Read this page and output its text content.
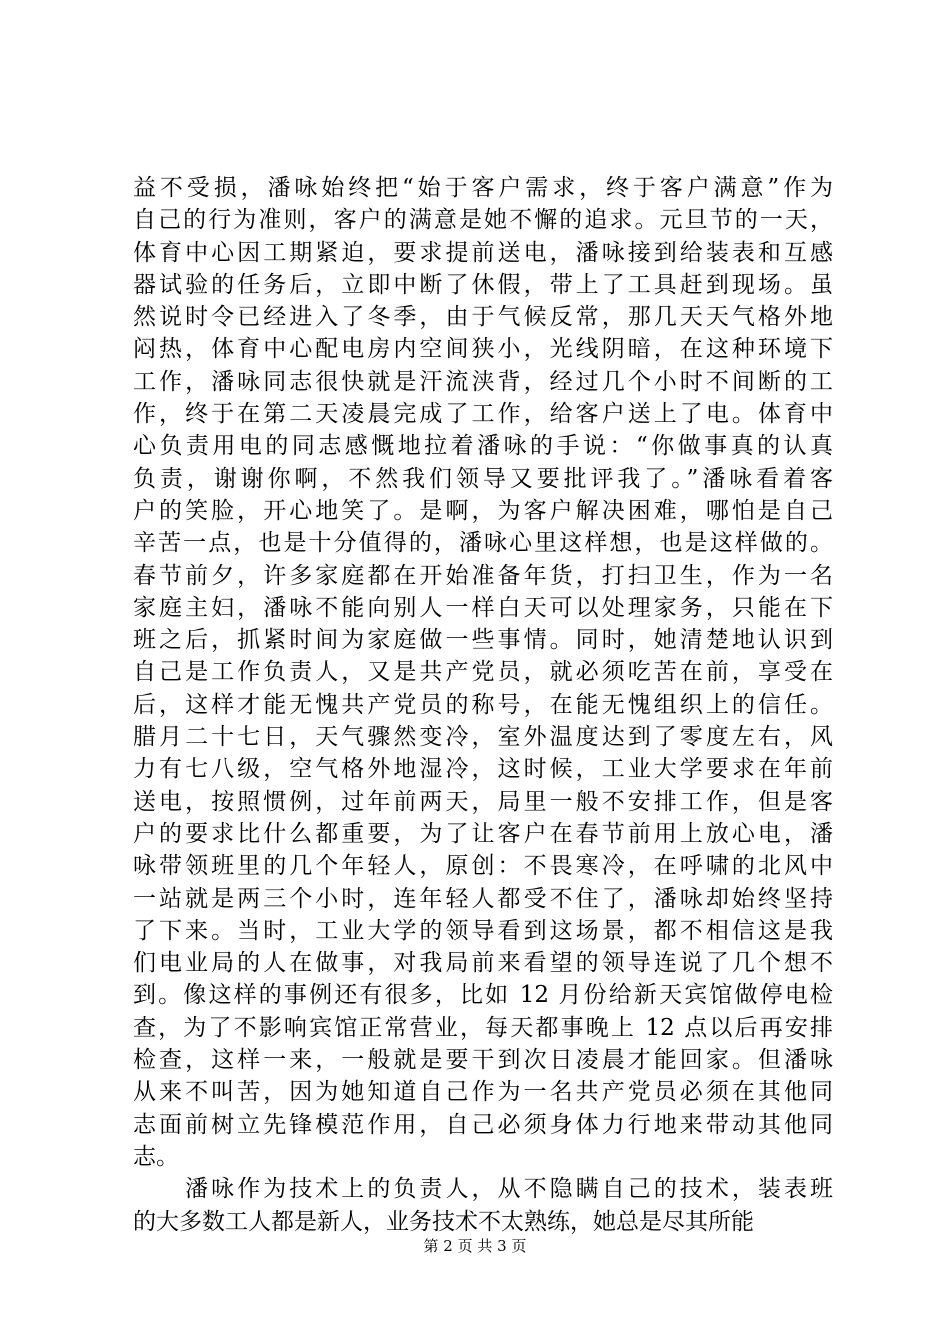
益不受损，潘咏始终把“始于客户需求，终于客户满意”作为
自己的行为准则，客户的满意是她不懈的追求。元旦节的一天，
体育中心因工期紧迫，要求提前送电，潘咏接到给装表和互感
器试验的任务后，立即中断了休假，带上了工具赶到现场。虽
然说时令已经进入了冬季，由于气候反常，那几天天气格外地
闷热，体育中心配电房内空间狭小，光线阴暗，在这种环境下
工作，潘咏同志很快就是汗流浃背，经过几个小时不间断的工
作，终于在第二天凌晨完成了工作，给客户送上了电。体育中
心负责用电的同志感慨地拉着潘咏的手说：“你做事真的认真
负责，谢谢你啊，不然我们领导又要批评我了。”潘咏看着客
户的笑脸，开心地笑了。是啊，为客户解决困难，哪怕是自己
辛苦一点，也是十分值得的，潘咏心里这样想，也是这样做的。
春节前夕，许多家庭都在开始准备年货，打扫卫生，作为一名
家庭主妇，潘咏不能向别人一样白天可以处理家务，只能在下
班之后，抓紧时间为家庭做一些事情。同时，她清楚地认识到
自己是工作负责人，又是共产党员，就必须吃苦在前，享受在
后，这样才能无愧共产党员的称号，在能无愧组织上的信任。
腊月二十七日，天气骤然变冷，室外温度达到了零度左右，风
力有七八级，空气格外地湿冷，这时候，工业大学要求在年前
送电，按照惯例，过年前两天，局里一般不安排工作，但是客
户的要求比什么都重要，为了让客户在春节前用上放心电，潘
咏带领班里的几个年轻人，原创：不畏寒冷，在呼啸的北风中
一站就是两三个小时，连年轻人都受不住了，潘咏却始终坚持
了下来。当时，工业大学的领导看到这场景，都不相信这是我
们电业局的人在做事，对我局前来看望的领导连说了几个想不
到。像这样的事例还有很多，比如 12 月份给新天宾馆做停电检
查，为了不影响宾馆正常营业，每天都事晚上 12 点以后再安排
检查，这样一来，一般就是要干到次日凌晨才能回家。但潘咏
从来不叫苦，因为她知道自己作为一名共产党员必须在其他同
志面前树立先锋模范作用，自己必须身体力行地来带动其他同
志。
　　潘咏作为技术上的负责人，从不隐瞒自己的技术，装表班
的大多数工人都是新人，业务技术不太熟练，她总是尽其所能
第 2 页 共 3 页
